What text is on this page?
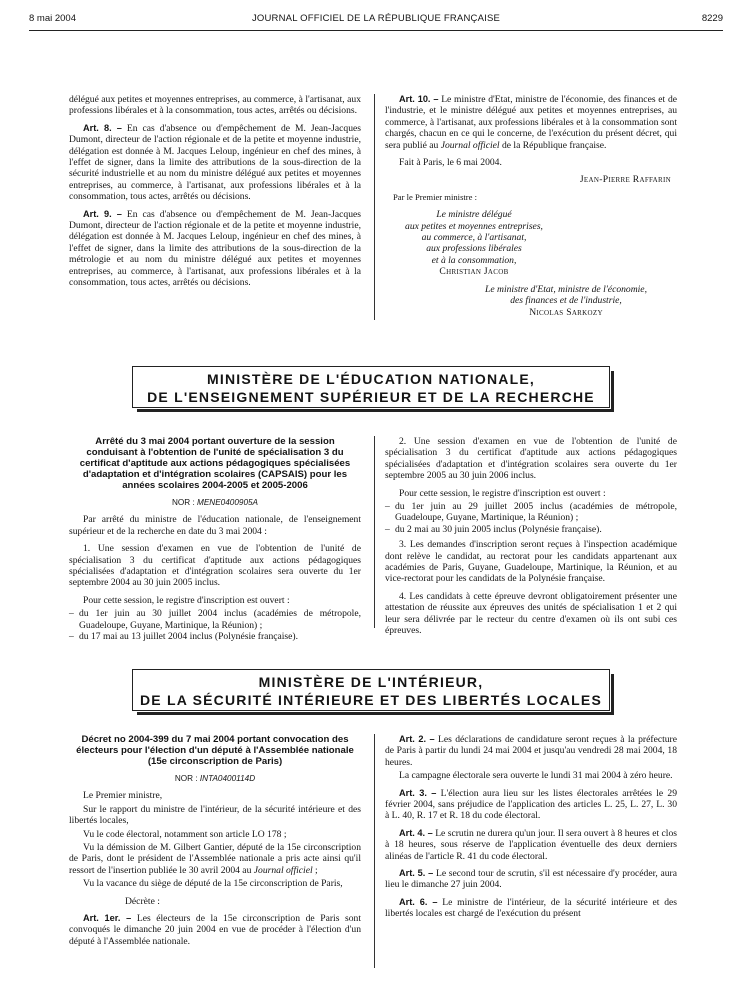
8 mai 2004	JOURNAL OFFICIEL DE LA RÉPUBLIQUE FRANÇAISE	8229

délégué aux petites et moyennes entreprises, au commerce, à l'artisanat, aux professions libérales et à la consommation, tous actes, arrêtés ou décisions.

Art. 8. – En cas d'absence ou d'empêchement de M. Jean-Jacques Dumont, directeur de l'action régionale et de la petite et moyenne industrie, délégation est donnée à M. Jacques Leloup, ingénieur en chef des mines, à l'effet de signer, dans la limite des attributions de la sous-direction de la sécurité industrielle et au nom du ministre délégué aux petites et moyennes entreprises, au commerce, à l'artisanat, aux professions libérales et à la consommation, tous actes, arrêtés ou décisions.

Art. 9. – En cas d'absence ou d'empêchement de M. Jean-Jacques Dumont, directeur de l'action régionale et de la petite et moyenne industrie, délégation est donnée à M. Jacques Leloup, ingénieur en chef des mines, à l'effet de signer, dans la limite des attributions de la sous-direction de la métrologie et au nom du ministre délégué aux petites et moyennes entreprises, au commerce, à l'artisanat, aux professions libérales et à la consommation, tous actes, arrêtés ou décisions.

Art. 10. – Le ministre d'Etat, ministre de l'économie, des finances et de l'industrie, et le ministre délégué aux petites et moyennes entreprises, au commerce, à l'artisanat, aux professions libérales et à la consommation sont chargés, chacun en ce qui le concerne, de l'exécution du présent décret, qui sera publié au Journal officiel de la République française.

Fait à Paris, le 6 mai 2004.

Jean-Pierre Raffarin

Par le Premier ministre :

Le ministre délégué
aux petites et moyennes entreprises,
au commerce, à l'artisanat,
aux professions libérales
et à la consommation,
Christian Jacob
Le ministre d'Etat, ministre de l'économie,
des finances et de l'industrie,
Nicolas Sarkozy
MINISTÈRE DE L'ÉDUCATION NATIONALE,
DE L'ENSEIGNEMENT SUPÉRIEUR ET DE LA RECHERCHE

Arrêté du 3 mai 2004 portant ouverture de la session conduisant à l'obtention de l'unité de spécialisation 3 du certificat d'aptitude aux actions pédagogiques spécialisées d'adaptation et d'intégration scolaires (CAPSAIS) pour les années scolaires 2004-2005 et 2005-2006

NOR : MENE0400905A

Par arrêté du ministre de l'éducation nationale, de l'enseignement supérieur et de la recherche en date du 3 mai 2004 :

1. Une session d'examen en vue de l'obtention de l'unité de spécialisation 3 du certificat d'aptitude aux actions pédagogiques spécialisées d'adaptation et d'intégration scolaires sera ouverte du 1er septembre 2004 au 30 juin 2005 inclus.

Pour cette session, le registre d'inscription est ouvert :

– du 1er juin au 30 juillet 2004 inclus (académies de métropole, Guadeloupe, Guyane, Martinique, la Réunion) ;

– du 17 mai au 13 juillet 2004 inclus (Polynésie française).

2. Une session d'examen en vue de l'obtention de l'unité de spécialisation 3 du certificat d'aptitude aux actions pédagogiques spécialisées d'adaptation et d'intégration scolaires sera ouverte du 1er septembre 2005 au 30 juin 2006 inclus.

Pour cette session, le registre d'inscription est ouvert :

– du 1er juin au 29 juillet 2005 inclus (académies de métropole, Guadeloupe, Guyane, Martinique, la Réunion) ;

– du 2 mai au 30 juin 2005 inclus (Polynésie française).

3. Les demandes d'inscription seront reçues à l'inspection académique dont relève le candidat, au rectorat pour les candidats appartenant aux académies de Paris, Guyane, Guadeloupe, Martinique, la Réunion, et au vice-rectorat pour les candidats de la Polynésie française.

4. Les candidats à cette épreuve devront obligatoirement présenter une attestation de réussite aux épreuves des unités de spécialisation 1 et 2 qui leur sera délivrée par le recteur du centre d'examen où ils ont subi ces épreuves.

MINISTÈRE DE L'INTÉRIEUR,
DE LA SÉCURITÉ INTÉRIEURE ET DES LIBERTÉS LOCALES

Décret no 2004-399 du 7 mai 2004 portant convocation des électeurs pour l'élection d'un député à l'Assemblée nationale (15e circonscription de Paris)

NOR : INTA0400114D

Le Premier ministre,

Sur le rapport du ministre de l'intérieur, de la sécurité intérieure et des libertés locales,

Vu le code électoral, notamment son article LO 178 ;

Vu la démission de M. Gilbert Gantier, député de la 15e circonscription de Paris, dont le président de l'Assemblée nationale a pris acte ainsi qu'il ressort de l'insertion publiée le 30 avril 2004 au Journal officiel ;

Vu la vacance du siège de député de la 15e circonscription de Paris,

Décrète :

Art. 1er. – Les électeurs de la 15e circonscription de Paris sont convoqués le dimanche 20 juin 2004 en vue de procéder à l'élection d'un député à l'Assemblée nationale.

Art. 2. – Les déclarations de candidature seront reçues à la préfecture de Paris à partir du lundi 24 mai 2004 et jusqu'au vendredi 28 mai 2004, 18 heures.

La campagne électorale sera ouverte le lundi 31 mai 2004 à zéro heure.

Art. 3. – L'élection aura lieu sur les listes électorales arrêtées le 29 février 2004, sans préjudice de l'application des articles L. 25, L. 27, L. 30 à L. 40, R. 17 et R. 18 du code électoral.

Art. 4. – Le scrutin ne durera qu'un jour. Il sera ouvert à 8 heures et clos à 18 heures, sous réserve de l'application éventuelle des deux derniers alinéas de l'article R. 41 du code électoral.

Art. 5. – Le second tour de scrutin, s'il est nécessaire d'y procéder, aura lieu le dimanche 27 juin 2004.

Art. 6. – Le ministre de l'intérieur, de la sécurité intérieure et des libertés locales est chargé de l'exécution du présent
